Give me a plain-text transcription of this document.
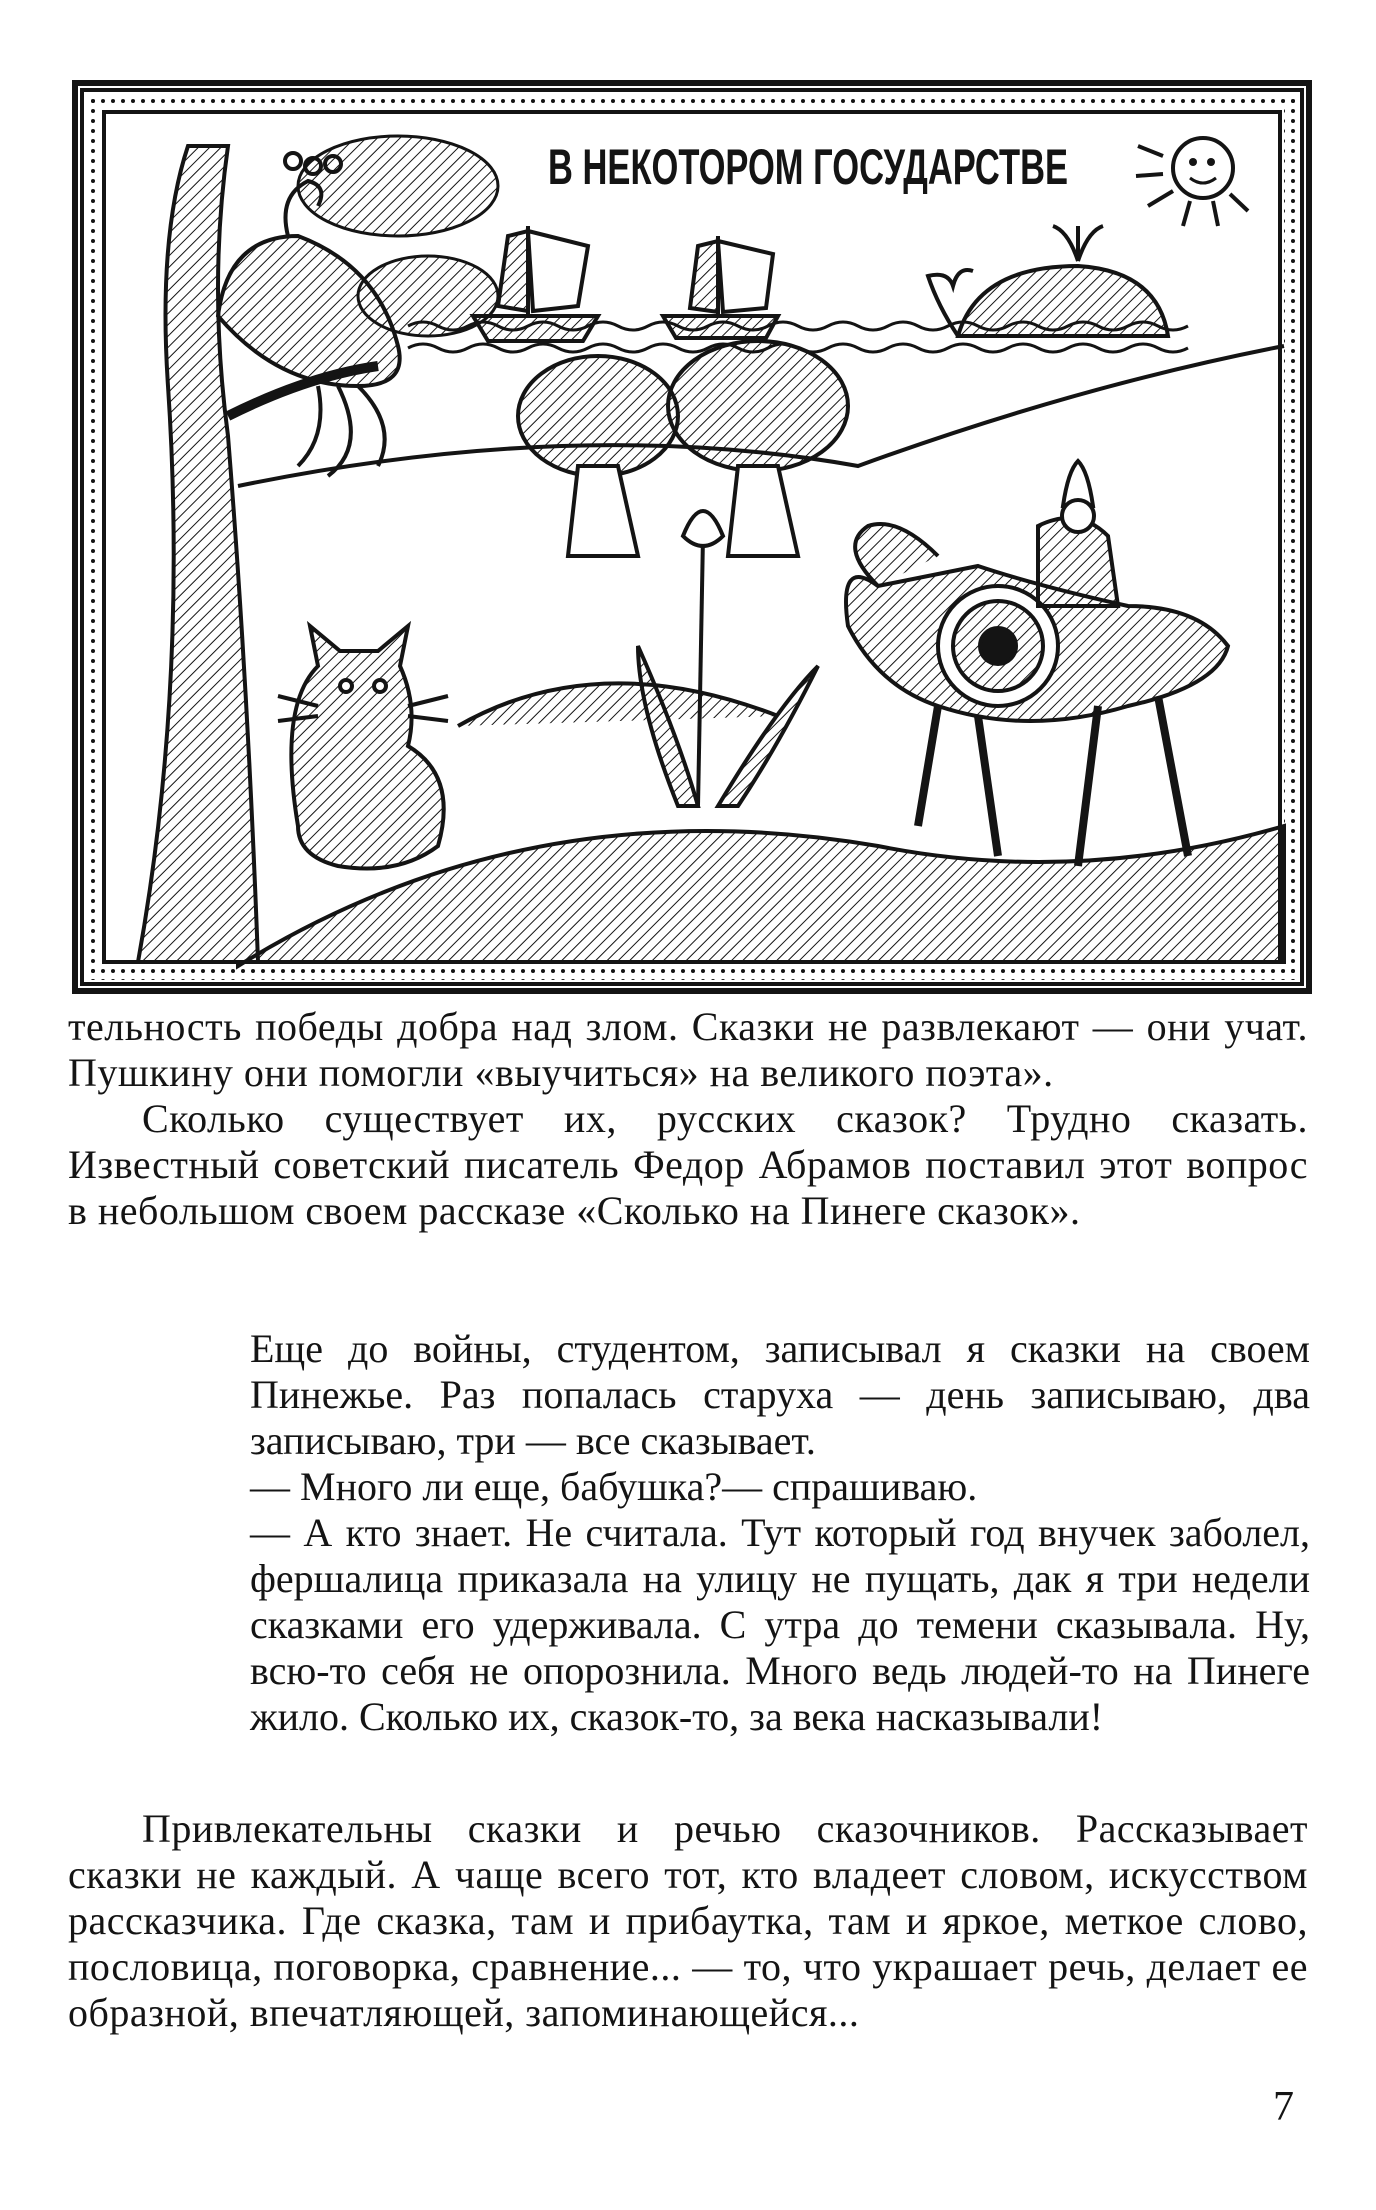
В НЕКОТОРОМ ГОСУДАРСТВЕ

тельность победы добра над злом. Сказки не развлекают — они учат. Пушкину они помогли «выучиться» на великого поэта».

Сколько существует их, русских сказок? Трудно сказать. Известный советский писатель Федор Абрамов поставил этот вопрос в небольшом своем рассказе «Сколько на Пинеге сказок».

Еще до войны, студентом, записывал я сказки на своем Пинежье. Раз попалась старуха — день записываю, два записываю, три — все сказывает.

— Много ли еще, бабушка?— спрашиваю.

— А кто знает. Не считала. Тут который год внучек заболел, фершалица приказала на улицу не пущать, дак я три недели сказками его удерживала. С утра до темени сказывала. Ну, всю-то себя не опорознила. Много ведь людей-то на Пинеге жило. Сколько их, сказок-то, за века насказывали!

Привлекательны сказки и речью сказочников. Рассказывает сказки не каждый. А чаще всего тот, кто владеет словом, искусством рассказчика. Где сказка, там и прибаутка, там и яркое, меткое слово, пословица, поговорка, сравнение... — то, что украшает речь, делает ее образной, впечатляющей, запоминающейся...

7
